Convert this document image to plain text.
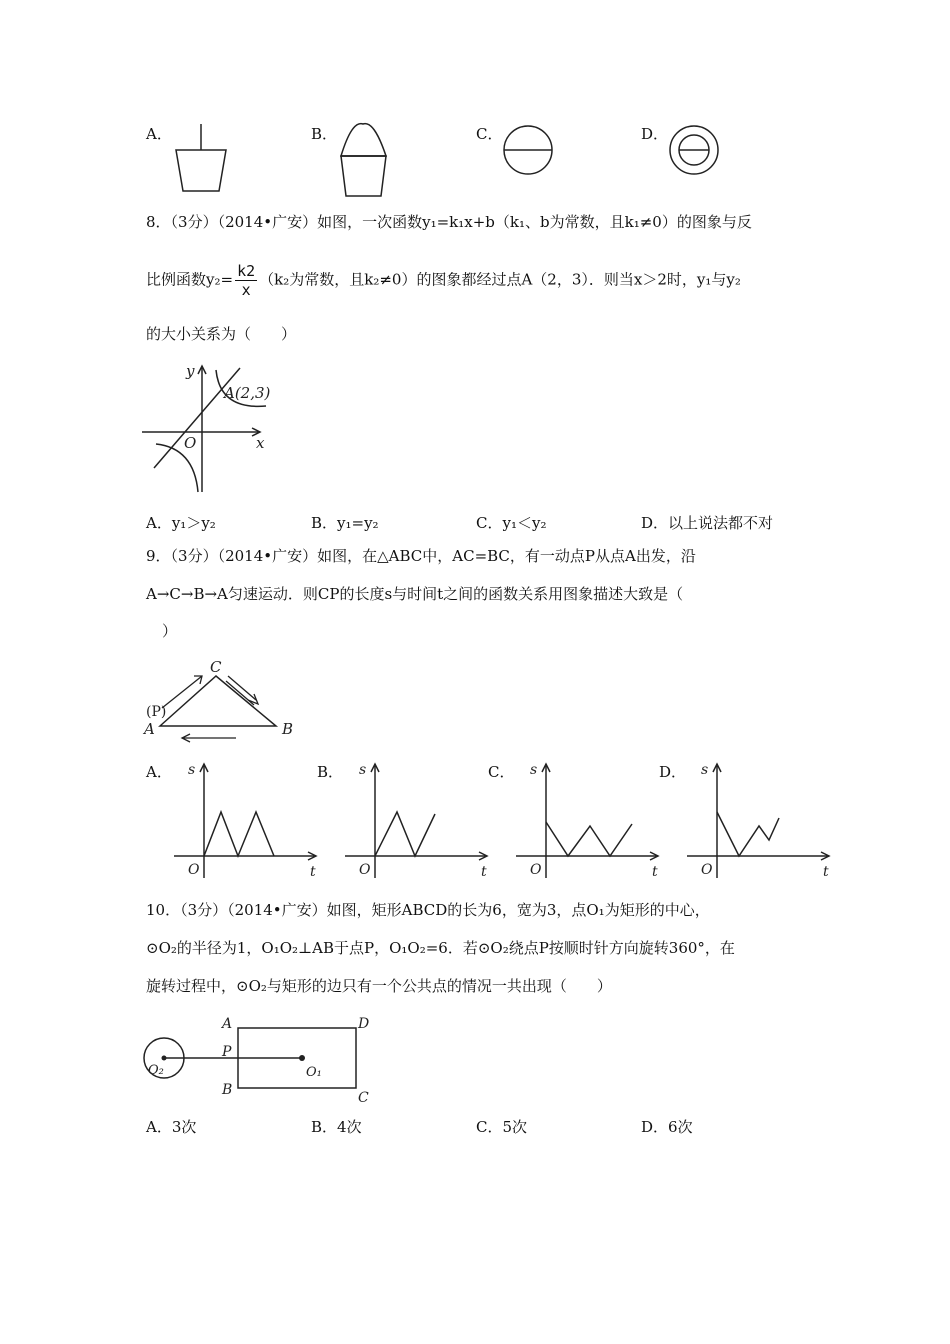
A．	B．	C．	D．
8．（3分）（2014•广安）如图，一次函数y₁=k₁x+b（k₁、b为常数，且k₁≠0）的图象与反
比例函数$y_2= \frac{k2}{x} (k_2$为常数，且k₂≠0）的图象都经过点A（2，3）．则当x＞2时，y₁与y₂
的大小关系为（　　）
y
x
O
A(2,3)
A．y₁＞y₂	B．y₁=y₂	C．y₁＜y₂	D．以上说法都不对
9．（3分）（2014•广安）如图，在△ABC中，AC=BC，有一动点P从点A出发，沿
A→C→B→A匀速运动．则CP的长度s与时间t之间的函数关系用图象描述大致是（
）
C
A
(P)
B
A． s
t
O
B． s
t
O
C． s
t
O
D． s
t
O
10．（3分）（2014•广安）如图，矩形ABCD的长为6，宽为3，点O₁为矩形的中心，
⊙O₂的半径为1，O₁O₂⊥AB于点P，O₁O₂=6．若⊙O₂绕点P按顺时针方向旋转360°，在
旋转过程中，⊙O₂与矩形的边只有一个公共点的情况一共出现（　　）
A
P
B
D
C
O₁
O₂
A．3次	B．4次	C．5次	D．6次
